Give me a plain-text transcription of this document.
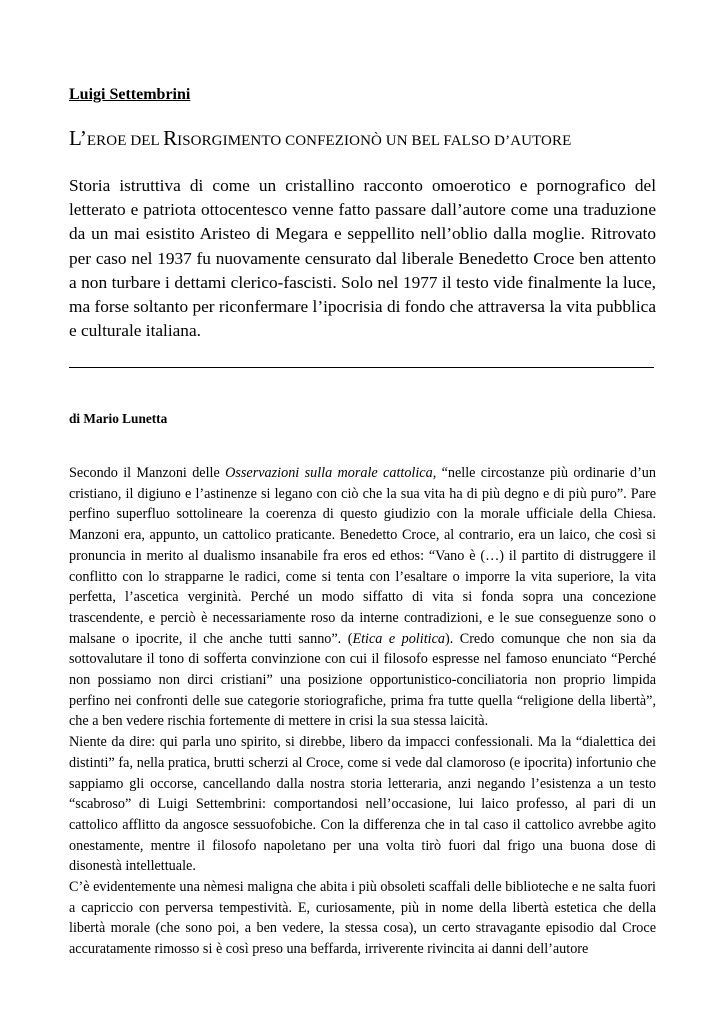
Luigi Settembrini

L’EROE DEL RISORGIMENTO CONFEZIONÒ UN BEL FALSO D’AUTORE

Storia istruttiva di come un cristallino racconto omoerotico e pornografico del letterato e patriota ottocentesco venne fatto passare dall’autore come una traduzione da un mai esistito Aristeo di Megara e seppellito nell’oblio dalla moglie. Ritrovato per caso nel 1937 fu nuovamente censurato dal liberale Benedetto Croce ben attento a non turbare i dettami clerico-fascisti. Solo nel 1977 il testo vide finalmente la luce, ma forse soltanto per riconfermare l’ipocrisia di fondo che attraversa la vita pubblica e culturale italiana.

di Mario Lunetta

Secondo il Manzoni delle Osservazioni sulla morale cattolica, “nelle circostanze più ordinarie d’un cristiano, il digiuno e l’astinenze si legano con ciò che la sua vita ha di più degno e di più puro”. Pare perfino superfluo sottolineare la coerenza di questo giudizio con la morale ufficiale della Chiesa. Manzoni era, appunto, un cattolico praticante. Benedetto Croce, al contrario, era un laico, che così si pronuncia in merito al dualismo insanabile fra eros ed ethos: “Vano è (…) il partito di distruggere il conflitto con lo strapparne le radici, come si tenta con l’esaltare o imporre la vita superiore, la vita perfetta, l’ascetica verginità. Perché un modo siffatto di vita si fonda sopra una concezione trascendente, e perciò è necessariamente roso da interne contradizioni, e le sue conseguenze sono o malsane o ipocrite, il che anche tutti sanno”. (Etica e politica). Credo comunque che non sia da sottovalutare il tono di sofferta convinzione con cui il filosofo espresse nel famoso enunciato “Perché non possiamo non dirci cristiani” una posizione opportunistico-conciliatoria non proprio limpida perfino nei confronti delle sue categorie storiografiche, prima fra tutte quella “religione della libertà”, che a ben vedere rischia fortemente di mettere in crisi la sua stessa laicità.

Niente da dire: qui parla uno spirito, si direbbe, libero da impacci confessionali. Ma la “dialettica dei distinti” fa, nella pratica, brutti scherzi al Croce, come si vede dal clamoroso (e ipocrita) infortunio che sappiamo gli occorse, cancellando dalla nostra storia letteraria, anzi negando l’esistenza a un testo “scabroso” di Luigi Settembrini: comportandosi nell’occasione, lui laico professo, al pari di un cattolico afflitto da angosce sessuofobiche. Con la differenza che in tal caso il cattolico avrebbe agito onestamente, mentre il filosofo napoletano per una volta tirò fuori dal frigo una buona dose di disonestà intellettuale.

C’è evidentemente una nèmesi maligna che abita i più obsoleti scaffali delle biblioteche e ne salta fuori a capriccio con perversa tempestività. E, curiosamente, più in nome della libertà estetica che della libertà morale (che sono poi, a ben vedere, la stessa cosa), un certo stravagante episodio dal Croce accuratamente rimosso si è così preso una beffarda, irriverente rivincita ai danni dell’autore
